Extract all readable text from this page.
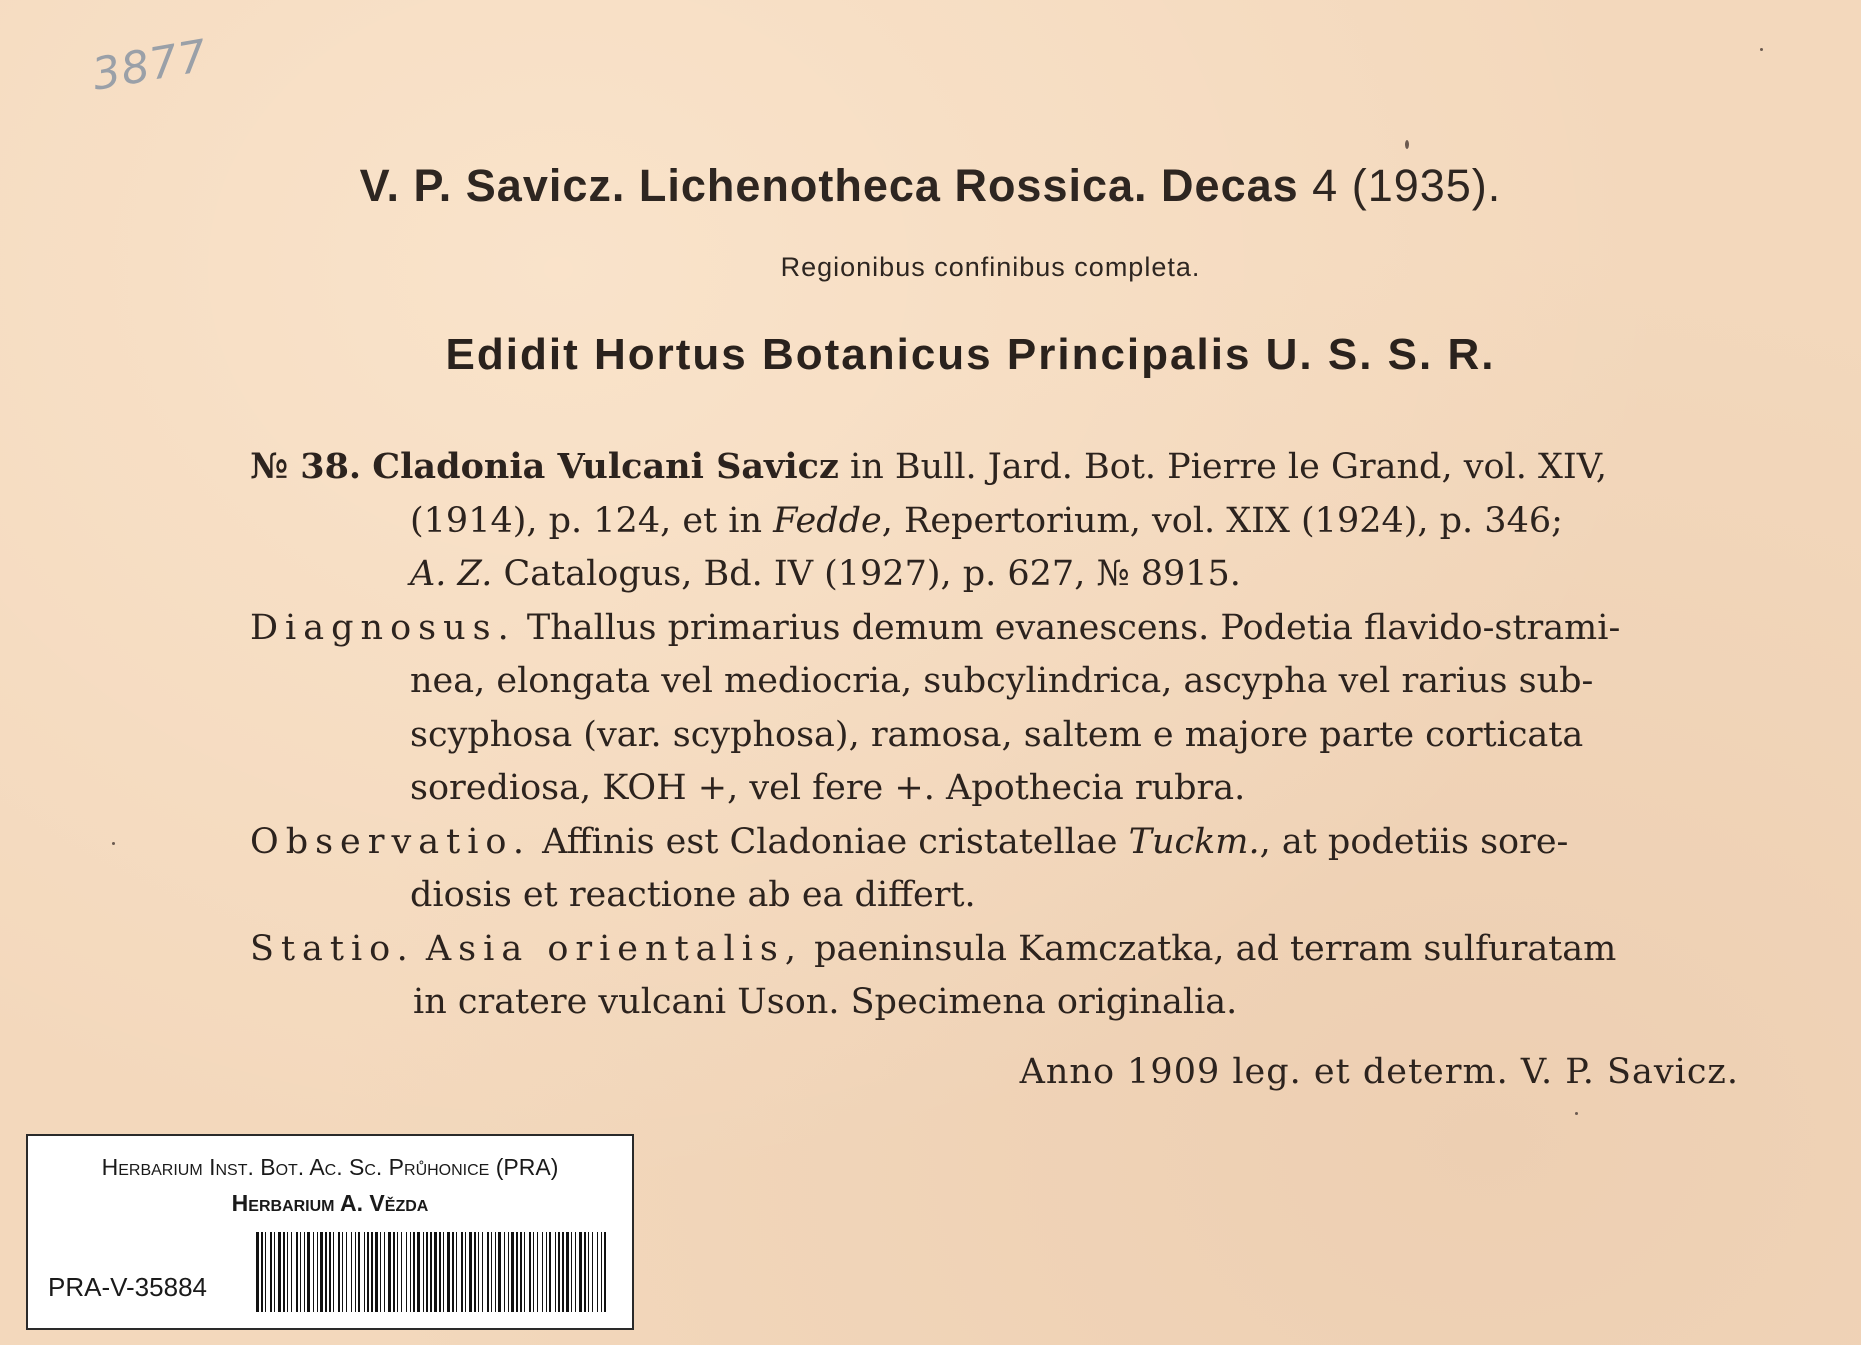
3877
V. P. Savicz. Lichenotheca Rossica. Decas 4 (1935).
Regionibus confinibus completa.
Edidit Hortus Botanicus Principalis U. S. S. R.
№ 38. Cladonia Vulcani Savicz in Bull. Jard. Bot. Pierre le Grand, vol. XIV,
(1914), p. 124, et in Fedde, Repertorium, vol. XIX (1924), p. 346;
A. Z. Catalogus, Bd. IV (1927), p. 627, № 8915.
Diagnosus. Thallus primarius demum evanescens. Podetia flavido-strami-
nea, elongata vel mediocria, subcylindrica, ascypha vel rarius sub-
scyphosa (var. scyphosa), ramosa, saltem e majore parte corticata
sorediosa, KOH +, vel fere +. Apothecia rubra.
Observatio. Affinis est Cladoniae cristatellae Tuckm., at podetiis sore-
diosis et reactione ab ea differt.
Statio. Asia orientalis, paeninsula Kamczatka, ad terram sulfuratam
in cratere vulcani Uson. Specimena originalia.
Anno 1909 leg. et determ. V. P. Savicz.
Herbarium Inst. Bot. Ac. Sc. Průhonice (PRA)
Herbarium A. Vězda
PRA-V-35884
